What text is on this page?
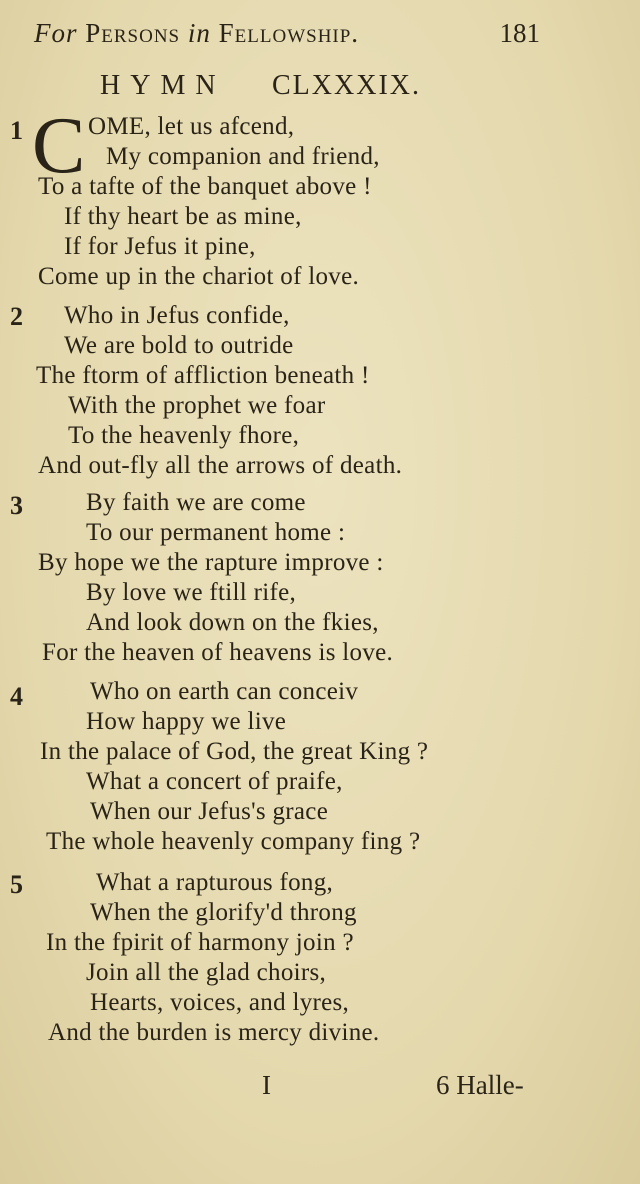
For Persons in Fellowship.	181
HYMN	CLXXXIX.
C
1	OME, let us afcend,
My companion and friend,
To a tafte of the banquet above !
If thy heart be as mine,
If for Jefus it pine,
Come up in the chariot of love.
2 Who in Jefus confide,
We are bold to outride
The ftorm of affliction beneath !
With the prophet we foar
To the heavenly fhore,
And out-fly all the arrows of death.
3	By faith we are come
To our permanent home :
By hope we the rapture improve :
By love we ftill rife,
And look down on the fkies,
For the heaven of heavens is love.
4	Who on earth can conceiv
How happy we live
In the palace of God, the great King ?
What a concert of praife,
When our Jefus's grace
The whole heavenly company fing ?
5	What a rapturous fong,
When the glorify'd throng
In the fpirit of harmony join ?
Join all the glad choirs,
Hearts, voices, and lyres,
And the burden is mercy divine.
I	6 Halle-
